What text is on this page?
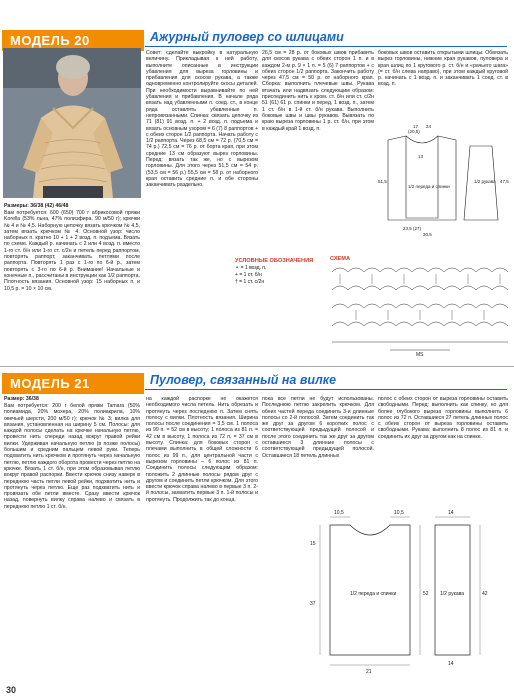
МОДЕЛЬ 20	Ажурный пуловер со шлицами
Размеры: 36/38 (42) 46/48
Вам потребуется: 600 (650) 700 г абрикосовой пряжи Korella (53% льна, 47% полиэфира, 90 м/50 г); крючки № 4 и № 4,5. Наборную цепочку вязать крючком № 4,5, затем вязать крючком № 4. Основной узор: число наборных п. кратно 10 + 1 + 2 возд. п. подъема. Вязать по схеме. Каждый р. начинать с 2 или 4 возд. п. вместо 1-го ст. б/н или 1-го ст. с/2н и петель перед раппортом, повторять раппорт, заканчивать петлями после раппорта. Повторять 1 раз с 1-го по 6-й р., затем повторять с 3-го по 6-й р. Внимание! Начальные и конечные п., рассчитаны в инструкции как 1/2 раппорта. Плотность вязания. Основной узор: 15 наборных п. и 10,5 р. = 10 × 10 см.
Совет: сделайте выкройку в натуральную величину. Прикладывая к ней работу, выполните описанные в инструкции убавления для выреза горловины и прибавления для скосов рукава, а также одновременно контролируйте скосы деталей. При необходимости выравнивайте по ней убавления и прибавления. В начале ряда вязать над убавленными п. соед. ст., в конце ряда оставлять убавленные п. непровязанными. Спинка: связать цепочку из 71 (81) 91 возд. п. + 2 возд. п. подъема и вязать основным узором = 6 (7) 8 раппортов + с обеих сторон 1/2 раппорта. Начать работу с 1/2 раппорта. Через 68,5 см = 72 р. (70,5 см = 74 р.) 72,5 см = 76 р. от борта края, при этом средние 13 см образуют вырез горловины. Перед: вязать так же, но с вырезом горловины. Для этого через 51,5 см = 54 р. (53,5 см = 56 р.) 55,5 см = 58 р. от наборного края оставить средние п. и обе стороны заканчивать раздельно.
26,5 см = 28 р. от боковых швов прибавить для скосов рукава с обеих сторон 1 п. и в каждом 2-м р. 9 × 1 п. = 5 (6) 7 раппортов + с обеих сторон 1/2 раппорта. Закончить работу через 47,5 см = 50 р. от наборного края. Сборка: выполнить плечевые швы. Рукава втачать или надвязать следующим образом: присоединить нить к кром. ст. б/н или ст. с/2н 51 (61) 61 р. спинки и перед, 1 возд. п., затем 1 ст. б/н в 1-й ст. б/н рукава. Выполнить боковые швы и швы рукавов. Вывязать по краю выреза горловины 1 р. ст. б/н, при этом в каждый край 1 возд. п.
боковых швов оставить открытыми шлицы. Обвязать вырез горловины, нижние края рукавов, пуловера и края шлиц по 1 кругового р. ст. б/н и «рачьего шага» (= ст. б/н слева направо), при этом каждый круговой р. начинать с 1 возд. п. и заканчивать 1 соед. ст. в возд. п.
17
(20,5)
24
51,5
13
1/2 переда и спинки
23,5 (27)
30,5
1/2 рукава 47,5
УСЛОВНЫЕ ОБОЗНАЧЕНИЯ
⚬ = 1 возд. п.
+ = 1 ст. б/н
† = 1 ст. с/2н
СХЕМА
MS
МОДЕЛЬ 21	Пуловер, связанный на вилке
Размер: 36/38
Вам потребуется: 200 г белой пряжи Tamara (50% полиамида, 20% мохера, 20% полиакрила, 10% овечьей шерсти, 200 м/50 г); крючок № 3; вилка для вязания, установленная на ширину 5 см. Полосы: для каждой полосы сделать на крючке начальную петлю, провести нить спереди назад вокруг правой рейки вилки. Удерживая начальную петлю (в позже полосы) большим и средним пальцем левой руки. Теперь подхватить нить крючком и протянуть через начальную петлю, петлю каждого оборота провести через петлю на крючке. Вязать 1 ст. б/н, при этом образовывая петлю вокруг правой распорки. Ввести крючок снизу наверх в переднюю часть петли левой рейки, подхватить нить и протянуть через петлю. Еще раз подхватить нить и провязать обе петли вместе. Сразу ввести крючок назад, повернуть вилку справа налево и связать в переднюю петлю 1 ст. б/н.
на каждой распорке не окажется необходимого числа петель. Нить обрезать и протянуть через последнюю п. Затем снять полосу с вилки. Плотность вязания. Ширина полосы после соединения = 3,5 см. 1 полоса из 99 п. = 52 см в высоту; 1 полоса из 81 п. = 42 см в высоту, 1 полоса из 72 п. = 37 см в высоту. Спинка: для боковых сторон с плечами выполнить в общей сложности 6 полос из 99 п., для центральной части с вырезом горловины – 6 полос из 81 п. Соединить полосы следующим образом: положить 2 длинные полосы рядом друг с другом и соединить петли крючком. Для этого ввести крючок справа налево в первые 3 п. 2-й полосы, захватить первые 3 п. 1-й полосы и протянуть. Продолжить так до конца.
пока все петли не будут использованы. Последнюю петлю закрепить крючком. Для обеих частей переда соединить 3-и длинные полосы со 2-й полосой. Затем соединить так же друг за другом 6 коротких полос с соответствующей предыдущей полосой и после этого соединить так же друг за другом оставшиеся 3 длинные полосы с соответствующей предыдущей полосой. Оставшиеся 18 петель длинных
полос с обеих сторон от выреза горловины оставить свободными. Перед: выполнить как спинку, но для более глубокого выреза горловины выполнить 6 полос из 72 п. Оставшиеся 27 петель длинных полос с обеих сторон от выреза горловины оставить свободными. Рукава: выполнить 8 полос из 81 п. и соединить их друг за другом как на спинке.
10,5	10,5	14
15
37
1/2 переда и спинки	52 1/2 рукава	42
21
14
30
